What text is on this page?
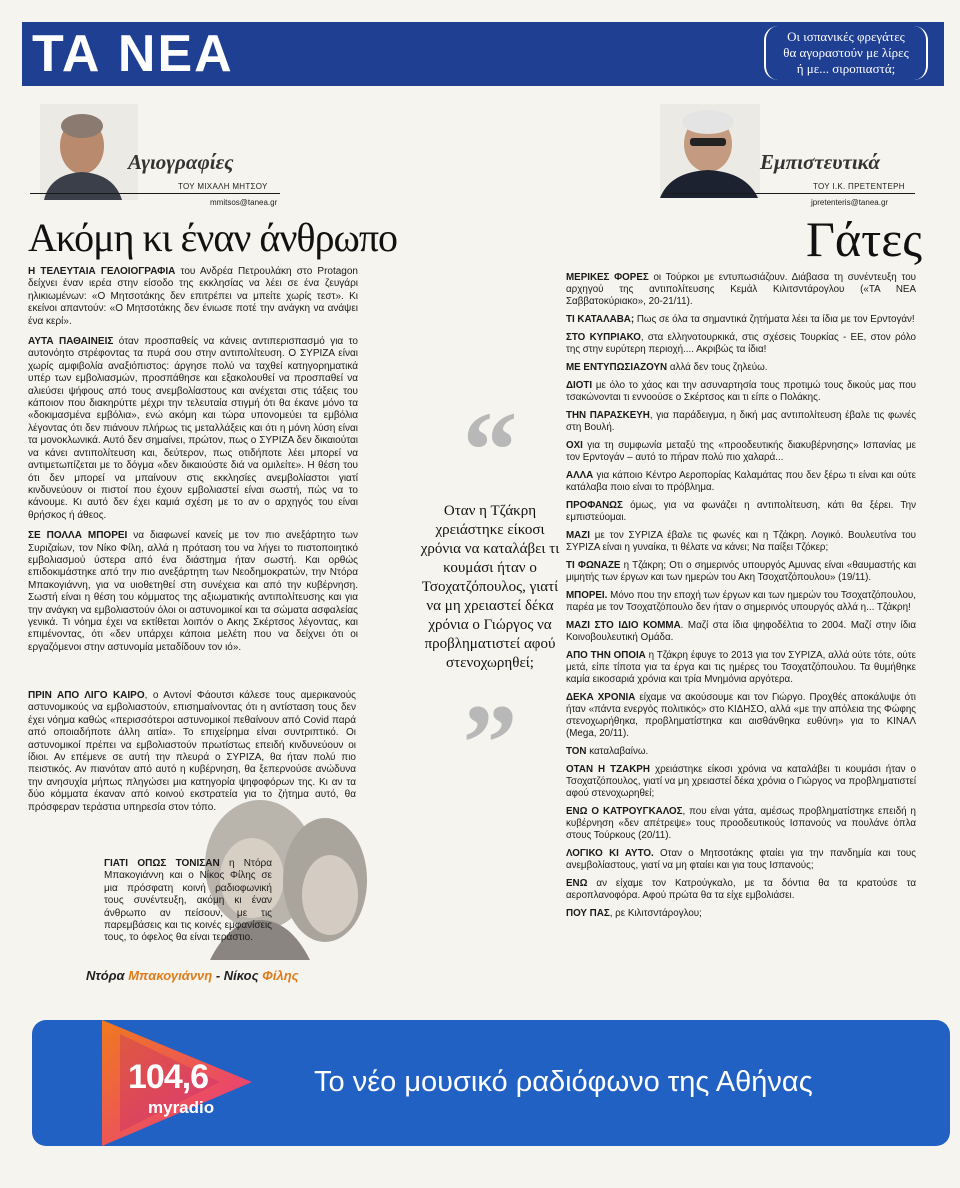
ΤΑ ΝΕΑ	Οι ισπανικές φρεγάτες
θα αγοραστούν με λίρες
ή με... σιροπιαστά;
Αγιογραφίες
ΤΟΥ ΜΙΧΑΛΗ ΜΗΤΣΟΥ
mmitsos@tanea.gr
Ακόμη κι έναν άνθρωπο

Η ΤΕΛΕΥΤΑΙΑ ΓΕΛΟΙΟΓΡΑΦΙΑ του Ανδρέα Πετρουλάκη στο Protagon δείχνει έναν ιερέα στην είσοδο της εκκλησίας να λέει σε ένα ζευγάρι ηλικιωμένων: «Ο Μητσοτάκης δεν επιτρέπει να μπείτε χωρίς τεστ». Κι εκείνοι απαντούν: «Ο Μητσοτάκης δεν ένιωσε ποτέ την ανάγκη να ανάψει ένα κερί».

ΑΥΤΑ ΠΑΘΑΙΝΕΙΣ όταν προσπαθείς να κάνεις αντιπερισπασμό για το αυτονόητο στρέφοντας τα πυρά σου στην αντιπολίτευση. Ο ΣΥΡΙΖΑ είναι χωρίς αμφιβολία αναξιόπιστος: άργησε πολύ να ταχθεί κατηγορηματικά υπέρ των εμβολιασμών, προσπάθησε και εξακολουθεί να προσπαθεί να αλιεύσει ψήφους από τους ανεμβολίαστους και ανέχεται στις τάξεις του κάποιον που διακηρύττε μέχρι την τελευταία στιγμή ότι θα έκανε μόνο τα «δοκιμασμένα εμβόλια», ενώ ακόμη και τώρα υπονομεύει τα εμβόλια λέγοντας ότι δεν πιάνουν πλήρως τις μεταλλάξεις και ότι η μόνη λύση είναι τα μονοκλωνικά. Αυτό δεν σημαίνει, πρώτον, πως ο ΣΥΡΙΖΑ δεν δικαιούται να κάνει αντιπολίτευση και, δεύτερον, πως οτιδήποτε λέει μπορεί να αντιμετωπίζεται με το δόγμα «δεν δικαιούστε διά να ομιλείτε». Η θέση του ότι δεν μπορεί να μπαίνουν στις εκκλησίες ανεμβολίαστοι γιατί κινδυνεύουν οι πιστοί που έχουν εμβολιαστεί είναι σωστή, πώς να το κάνουμε. Κι αυτό δεν έχει καμιά σχέση με το αν ο αρχηγός του είναι θρήσκος ή άθεος.

ΣΕ ΠΟΛΛΑ ΜΠΟΡΕΙ να διαφωνεί κανείς με τον πιο ανεξάρτητο των Συριζαίων, τον Νίκο Φίλη, αλλά η πρόταση του να λήγει το πιστοποιητικό εμβολιασμού ύστερα από ένα διάστημα ήταν σωστή. Και ορθώς επιδοκιμάστηκε από την πιο ανεξάρτητη των Νεοδημοκρατών, την Ντόρα Μπακογιάννη, για να υιοθετηθεί στη συνέχεια και από την κυβέρνηση. Σωστή είναι η θέση του κόμματος της αξιωματικής αντιπολίτευσης και για την ανάγκη να εμβολιαστούν όλοι οι αστυνομικοί και τα σώματα ασφαλείας γενικά. Τι νόημα έχει να εκτίθεται λοιπόν ο Ακης Σκέρτσος λέγοντας, και επιμένοντας, ότι «δεν υπάρχει κάποια μελέτη που να δείχνει ότι οι εργαζόμενοι στην αστυνομία μεταδίδουν τον ιό».

ΠΡΙΝ ΑΠΟ ΛΙΓΟ ΚΑΙΡΟ, ο Αντονί Φάουτσι κάλεσε τους αμερικανούς αστυνομικούς να εμβολιαστούν, επισημαίνοντας ότι η αντίσταση τους δεν έχει νόημα καθώς «περισσότεροι αστυνομικοί πεθαίνουν από Covid παρά από οποιαδήποτε άλλη αιτία». Το επιχείρημα είναι συντριπτικό. Οι αστυνομικοί πρέπει να εμβολιαστούν πρωτίστως επειδή κινδυνεύουν οι ίδιοι. Αν επέμενε σε αυτή την πλευρά ο ΣΥΡΙΖΑ, θα ήταν πολύ πιο πειστικός. Αν πιανόταν από αυτό η κυβέρνηση, θα ξεπερνούσε ανώδυνα την ανησυχία μήπως πληγώσει μια κατηγορία ψηφοφόρων της. Κι αν τα δύο κόμματα έκαναν από κοινού εκστρατεία για το ζήτημα αυτό, θα πρόσφεραν τεράστια υπηρεσία στον τόπο.

ΓΙΑΤΙ ΟΠΩΣ ΤΟΝΙΣΑΝ η Ντόρα Μπακογιάννη και ο Νίκος Φίλης σε μια πρόσφατη κοινή ραδιοφωνική τους συνέντευξη, ακόμη κι έναν άνθρωπο αν πείσουν, με τις παρεμβάσεις και τις κοινές εμφανίσεις τους, το όφελος θα είναι τεράστιο.

Ντόρα Μπακογιάννη - Νίκος Φίλης
“
Οταν η Τζάκρη χρειάστηκε είκοσι χρόνια να καταλάβει τι κουμάσι ήταν ο Τσοχατζόπουλος, γιατί να μη χρειαστεί δέκα χρόνια ο Γιώργος να προβληματιστεί αφού στενοχωρηθεί;
”
Εμπιστευτικά
ΤΟΥ Ι.Κ. ΠΡΕΤΕΝΤΕΡΗ
jpretenteris@tanea.gr
Γάτες

ΜΕΡΙΚΕΣ ΦΟΡΕΣ οι Τούρκοι με εντυπωσιάζουν. Διάβασα τη συνέντευξη του αρχηγού της αντιπολίτευσης Κεμάλ Κιλιτσντάρογλου («ΤΑ ΝΕΑ Σαββατοκύριακο», 20-21/11).

ΤΙ ΚΑΤΑΛΑΒΑ; Πως σε όλα τα σημαντικά ζητήματα λέει τα ίδια με τον Ερντογάν!

ΣΤΟ ΚΥΠΡΙΑΚΟ, στα ελληνοτουρκικά, στις σχέσεις Τουρκίας - ΕΕ, στον ρόλο της στην ευρύτερη περιοχή.... Ακριβώς τα ίδια!

ΜΕ ΕΝΤΥΠΩΣΙΑΖΟΥΝ αλλά δεν τους ζηλεύω.

ΔΙΟΤΙ με όλο το χάος και την ασυναρτησία τους προτιμώ τους δικούς μας που τσακώνονται τι εννοούσε ο Σκέρτσος και τι είπε ο Πολάκης.

ΤΗΝ ΠΑΡΑΣΚΕΥΗ, για παράδειγμα, η δική μας αντιπολίτευση έβαλε τις φωνές στη Βουλή.

ΟΧΙ για τη συμφωνία μεταξύ της «προοδευτικής διακυβέρνησης» Ισπανίας με τον Ερντογάν – αυτό το πήραν πολύ πιο χαλαρά...

ΑΛΛΑ για κάποιο Κέντρο Αεροπορίας Καλαμάτας που δεν ξέρω τι είναι και ούτε κατάλαβα ποιο είναι το πρόβλημα.

ΠΡΟΦΑΝΩΣ όμως, για να φωνάζει η αντιπολίτευση, κάτι θα ξέρει. Την εμπιστεύομαι.

ΜΑΖΙ με τον ΣΥΡΙΖΑ έβαλε τις φωνές και η Τζάκρη. Λογικό. Βουλευτίνα του ΣΥΡΙΖΑ είναι η γυναίκα, τι θέλατε να κάνει; Να παίξει Τζόκερ;

ΤΙ ΦΩΝΑΖΕ η Τζάκρη; Οτι ο σημερινός υπουργός Αμυνας είναι «θαυμαστής και μιμητής των έργων και των ημερών του Ακη Τσοχατζόπουλου» (19/11).

ΜΠΟΡΕΙ. Μόνο που την εποχή των έργων και των ημερών του Τσοχατζόπουλου, παρέα με τον Τσοχατζόπουλο δεν ήταν ο σημερινός υπουργός αλλά η... Τζάκρη!

ΜΑΖΙ ΣΤΟ ΙΔΙΟ ΚΟΜΜΑ. Μαζί στα ίδια ψηφοδέλτια το 2004. Μαζί στην ίδια Κοινοβουλευτική Ομάδα.

ΑΠΟ ΤΗΝ ΟΠΟΙΑ η Τζάκρη έφυγε το 2013 για τον ΣΥΡΙΖΑ, αλλά ούτε τότε, ούτε μετά, είπε τίποτα για τα έργα και τις ημέρες του Τσοχατζόπουλου. Τα θυμήθηκε καμία εικοσαριά χρόνια και τρία Μνημόνια αργότερα.

ΔΕΚΑ ΧΡΟΝΙΑ είχαμε να ακούσουμε και τον Γιώργο. Προχθές αποκάλυψε ότι ήταν «πάντα ενεργός πολιτικός» στο ΚΙΔΗΣΟ, αλλά «με την απόλεια της Φώφης στενοχωρήθηκα, προβληματίστηκα και αισθάνθηκα ευθύνη» για το ΚΙΝΑΛ (Mega, 20/11).

ΤΟΝ καταλαβαίνω.

ΟΤΑΝ Η ΤΖΑΚΡΗ χρειάστηκε είκοσι χρόνια να καταλάβει τι κουμάσι ήταν ο Τσοχατζόπουλος, γιατί να μη χρειαστεί δέκα χρόνια ο Γιώργος να προβληματιστεί αφού στενοχωρηθεί;

ΕΝΩ Ο ΚΑΤΡΟΥΓΚΑΛΟΣ, που είναι γάτα, αμέσως προβληματίστηκε επειδή η κυβέρνηση «δεν απέτρεψε» τους προοδευτικούς Ισπανούς να πουλάνε όπλα στους Τούρκους (20/11).

ΛΟΓΙΚΟ ΚΙ ΑΥΤΟ. Οταν ο Μητσοτάκης φταίει για την πανδημία και τους ανεμβολίαστους, γιατί να μη φταίει και για τους Ισπανούς;

ΕΝΩ αν είχαμε τον Κατρούγκαλο, με τα δόντια θα τα κρατούσε τα αεροπλανοφόρα. Αφού πρώτα θα τα είχε εμβολιάσει.

ΠΟΥ ΠΑΣ, ρε Κιλιτσντάρογλου;

104,6
myradio
Το νέο μουσικό ραδιόφωνο της Αθήνας
